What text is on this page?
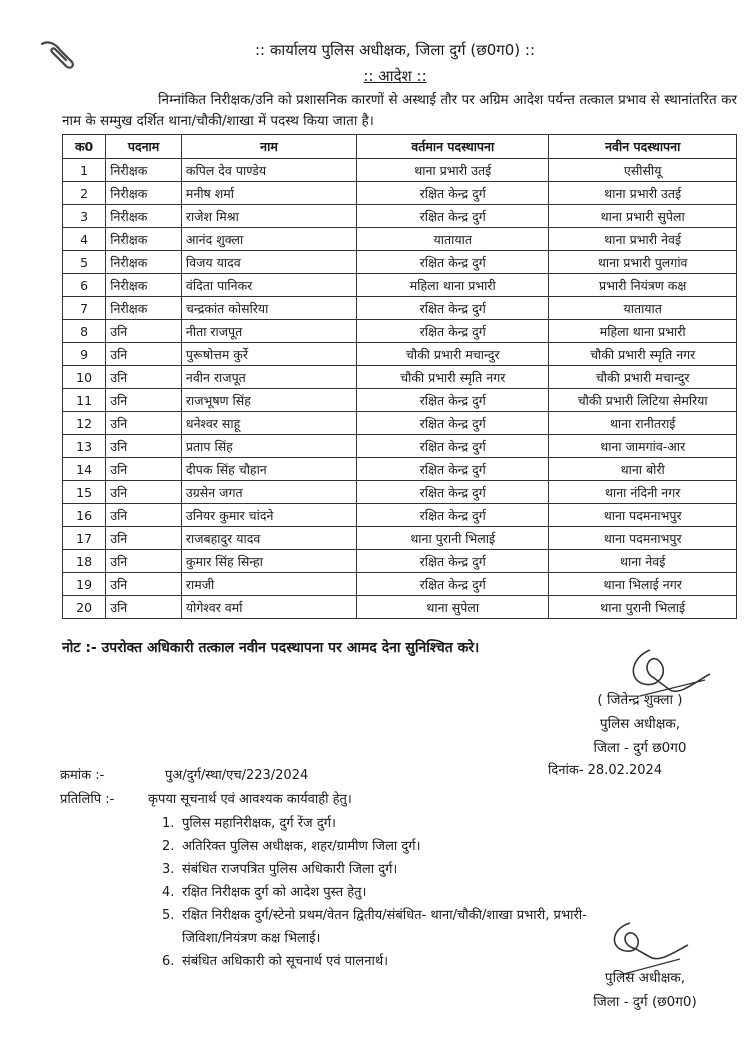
:: कार्यालय पुलिस अधीक्षक, जिला दुर्ग (छ0ग0) ::
:: आदेश ::
निम्नांकित निरीक्षक/उनि को प्रशासनिक कारणों से अस्थाई तौर पर अग्रिम आदेश पर्यन्त तत्काल प्रभाव से स्थानांतरित कर नाम के सम्मुख दर्शित थाना/चौकी/शाखा में पदस्थ किया जाता है।
क0	पदनाम	नाम	वर्तमान पदस्थापना	नवीन पदस्थापना
1	निरीक्षक	कपिल देव पाण्डेय	थाना प्रभारी उतई	एसीसीयू
2	निरीक्षक	मनीष शर्मा	रक्षित केन्द्र दुर्ग	थाना प्रभारी उतई
3	निरीक्षक	राजेश मिश्रा	रक्षित केन्द्र दुर्ग	थाना प्रभारी सुपेला
4	निरीक्षक	आनंद शुक्ला	यातायात	थाना प्रभारी नेवई
5	निरीक्षक	विजय यादव	रक्षित केन्द्र दुर्ग	थाना प्रभारी पुलगांव
6	निरीक्षक	वंदिता पानिकर	महिला थाना प्रभारी	प्रभारी नियंत्रण कक्ष
7	निरीक्षक	चन्द्रकांत कोसरिया	रक्षित केन्द्र दुर्ग	यातायात
8	उनि	नीता राजपूत	रक्षित केन्द्र दुर्ग	महिला थाना प्रभारी
9	उनि	पुरूषोत्तम कुर्रे	चौकी प्रभारी मचान्दुर	चौकी प्रभारी स्मृति नगर
10	उनि	नवीन राजपूत	चौकी प्रभारी स्मृति नगर	चौकी प्रभारी मचान्दुर
11	उनि	राजभूषण सिंह	रक्षित केन्द्र दुर्ग	चौकी प्रभारी लिटिया सेमरिया
12	उनि	धनेश्वर साहू	रक्षित केन्द्र दुर्ग	थाना रानीतराई
13	उनि	प्रताप सिंह	रक्षित केन्द्र दुर्ग	थाना जामगांव-आर
14	उनि	दीपक सिंह चौहान	रक्षित केन्द्र दुर्ग	थाना बोरी
15	उनि	उग्रसेन जगत	रक्षित केन्द्र दुर्ग	थाना नंदिनी नगर
16	उनि	उनियर कुमार चांदने	रक्षित केन्द्र दुर्ग	थाना पदमनाभपुर
17	उनि	राजबहादुर यादव	थाना पुरानी भिलाई	थाना पदमनाभपुर
18	उनि	कुमार सिंह सिन्हा	रक्षित केन्द्र दुर्ग	थाना नेवई
19	उनि	रामजी	रक्षित केन्द्र दुर्ग	थाना भिलाई नगर
20	उनि	योगेश्वर वर्मा	थाना सुपेला	थाना पुरानी भिलाई
नोट :- उपरोक्त अधिकारी तत्काल नवीन पदस्थापना पर आमद देना सुनिश्चित करे।
( जितेन्द्र शुक्ला )
पुलिस अधीक्षक,
जिला - दुर्ग छ0ग0
क्रमांक :-	पुअ/दुर्ग/स्था/एच/223/2024	दिनांक- 28.02.2024
प्रतिलिपि :-	कृपया सूचनार्थ एवं आवश्यक कार्यवाही हेतु।
1. पुलिस महानिरीक्षक, दुर्ग रेंज दुर्ग।
2. अतिरिक्त पुलिस अधीक्षक, शहर/ग्रामीण जिला दुर्ग।
3. संबंधित राजपत्रित पुलिस अधिकारी जिला दुर्ग।
4. रक्षित निरीक्षक दुर्ग को आदेश पुस्त हेतु।
5. रक्षित निरीक्षक दुर्ग/स्टेनो प्रथम/वेतन द्वितीय/संबंधित- थाना/चौकी/शाखा प्रभारी, प्रभारी-
जिविशा/नियंत्रण कक्ष भिलाई।
6. संबंधित अधिकारी को सूचनार्थ एवं पालनार्थ।
पुलिस अधीक्षक,
जिला - दुर्ग (छ0ग0)
